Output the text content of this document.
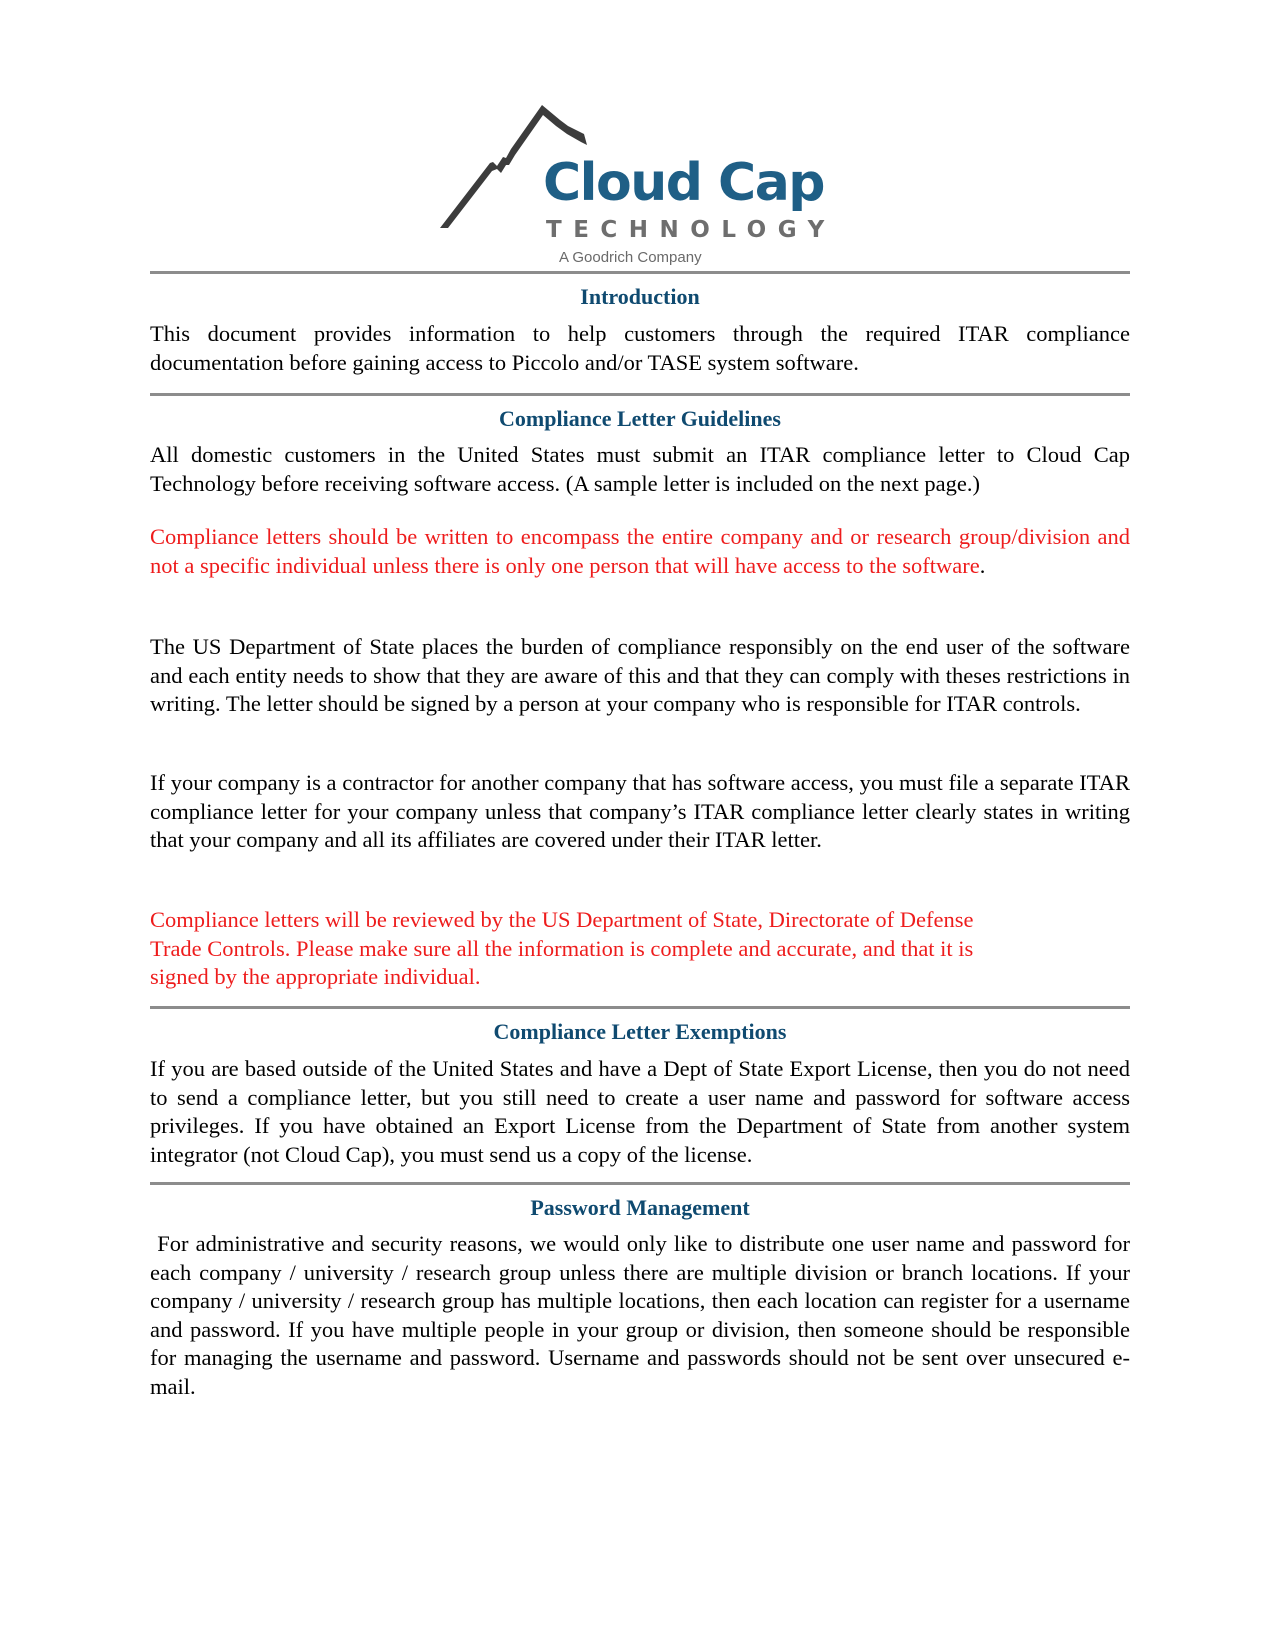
Cloud Cap
TECHNOLOGY
A Goodrich Company
Introduction

This document provides information to help customers through the required ITAR compliance documentation before gaining access to Piccolo and/or TASE system software.

Compliance Letter Guidelines

All domestic customers in the United States must submit an ITAR compliance letter to Cloud Cap Technology before receiving software access. (A sample letter is included on the next page.)

Compliance letters should be written to encompass the entire company and or research group/division and not a specific individual unless there is only one person that will have access to the software.

The US Department of State places the burden of compliance responsibly on the end user of the software and each entity needs to show that they are aware of this and that they can comply with theses restrictions in writing. The letter should be signed by a person at your company who is responsible for ITAR controls.

If your company is a contractor for another company that has software access, you must file a separate ITAR compliance letter for your company unless that company’s ITAR compliance letter clearly states in writing that your company and all its affiliates are covered under their ITAR letter.

Compliance letters will be reviewed by the US Department of State, Directorate of Defense
Trade Controls. Please make sure all the information is complete and accurate, and that it is
signed by the appropriate individual.

Compliance Letter Exemptions

If you are based outside of the United States and have a Dept of State Export License, then you do not need to send a compliance letter, but you still need to create a user name and password for software access privileges. If you have obtained an Export License from the Department of State from another system integrator (not Cloud Cap), you must send us a copy of the license.

Password Management

For administrative and security reasons, we would only like to distribute one user name and password for each company / university / research group unless there are multiple division or branch locations. If your company / university / research group has multiple locations, then each location can register for a username and password. If you have multiple people in your group or division, then someone should be responsible for managing the username and password. Username and passwords should not be sent over unsecured e-mail.
